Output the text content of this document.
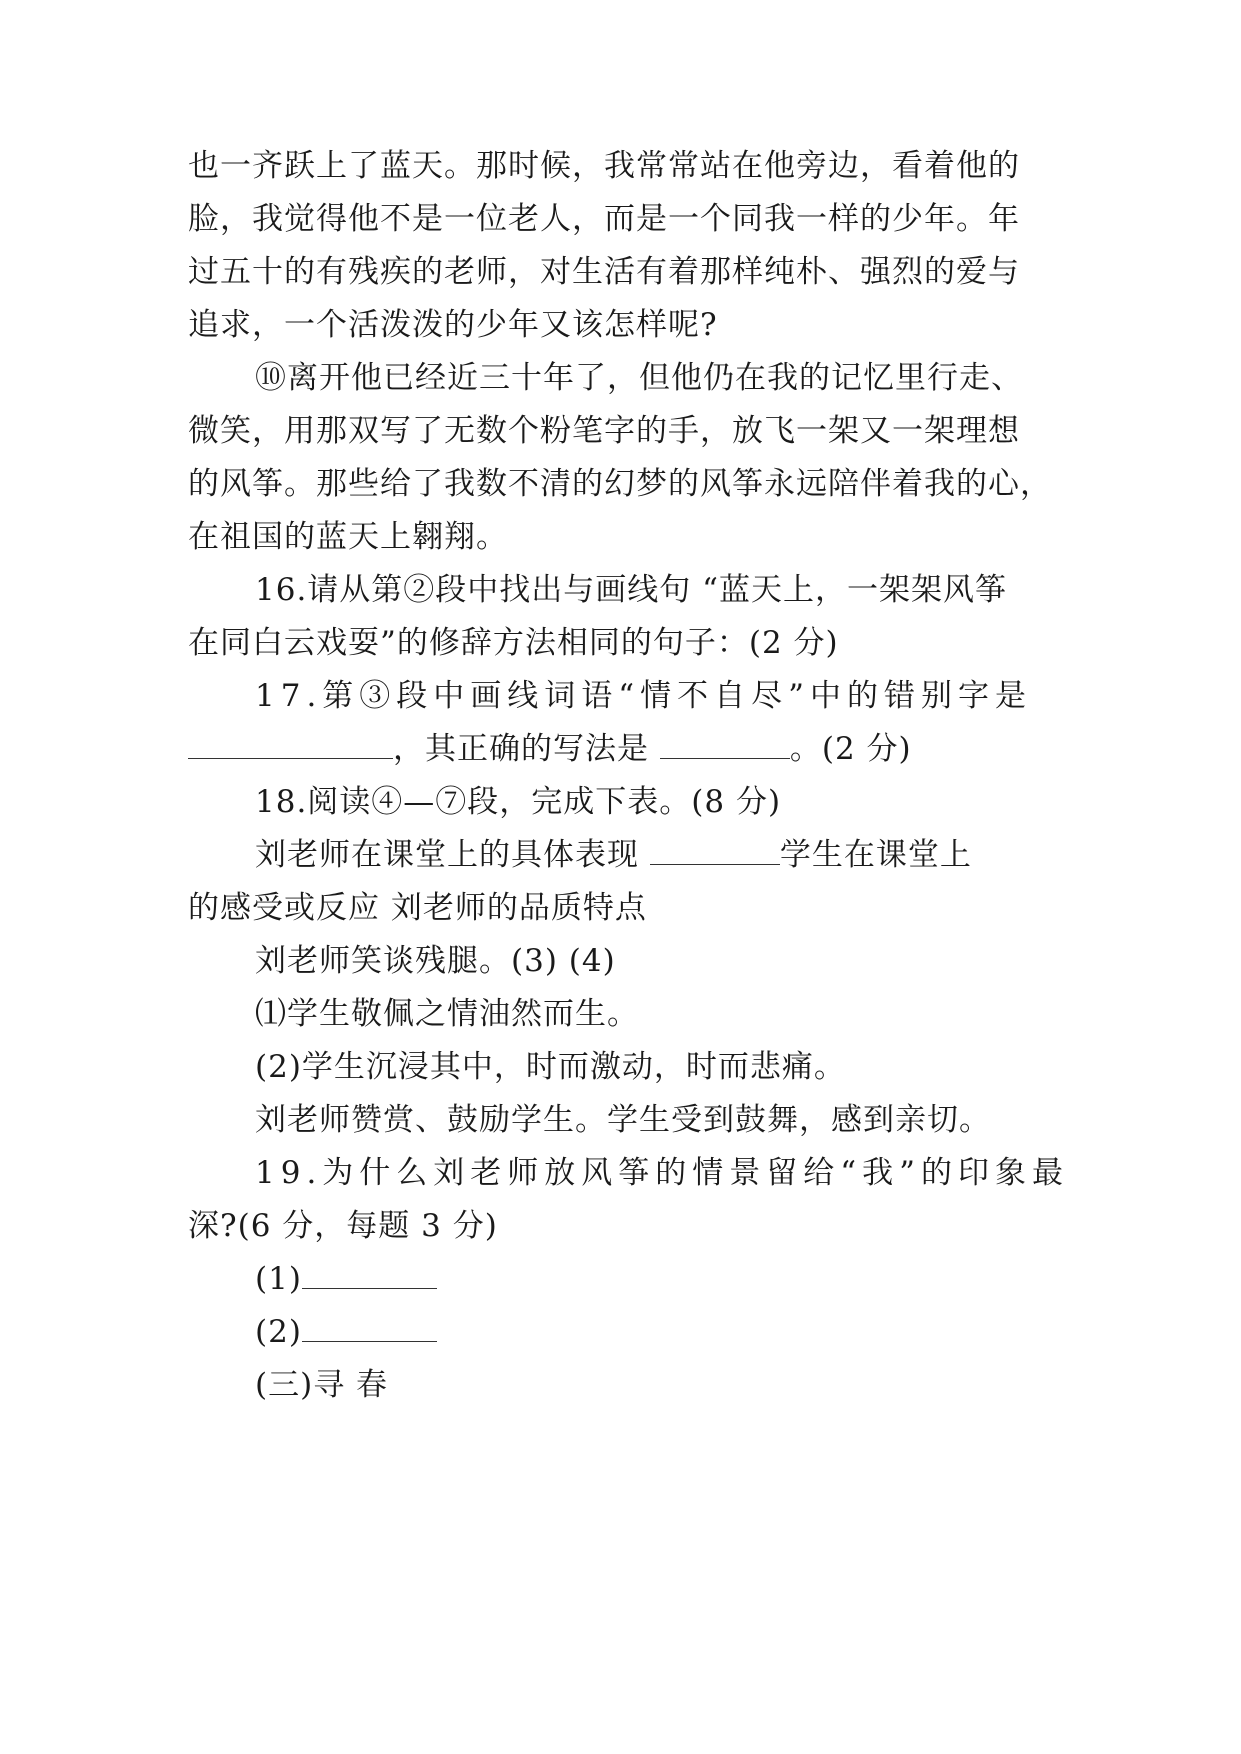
也一齐跃上了蓝天。那时候，我常常站在他旁边，看着他的
脸，我觉得他不是一位老人，而是一个同我一样的少年。年
过五十的有残疾的老师，对生活有着那样纯朴、强烈的爱与
追求，一个活泼泼的少年又该怎样呢?
⑩离开他已经近三十年了，但他仍在我的记忆里行走、
微笑，用那双写了无数个粉笔字的手，放飞一架又一架理想
的风筝。那些给了我数不清的幻梦的风筝永远陪伴着我的心，
在祖国的蓝天上翱翔。
16.请从第②段中找出与画线句 “蓝天上，一架架风筝
在同白云戏耍”的修辞方法相同的句子：(2 分)
17.第③段中画线词语“情不自尽”中的错别字是
，其正确的写法是	。(2 分)
18.阅读④—⑦段，完成下表。(8 分)
刘老师在课堂上的具体表现	学生在课堂上
的感受或反应 刘老师的品质特点
刘老师笑谈残腿。(3) (4)
⑴学生敬佩之情油然而生。
(2)学生沉浸其中，时而激动，时而悲痛。
刘老师赞赏、鼓励学生。学生受到鼓舞，感到亲切。
19.为什么刘老师放风筝的情景留给“我”的印象最
深?(6 分，每题 3 分)
(1)
(2)
(三)寻 春
